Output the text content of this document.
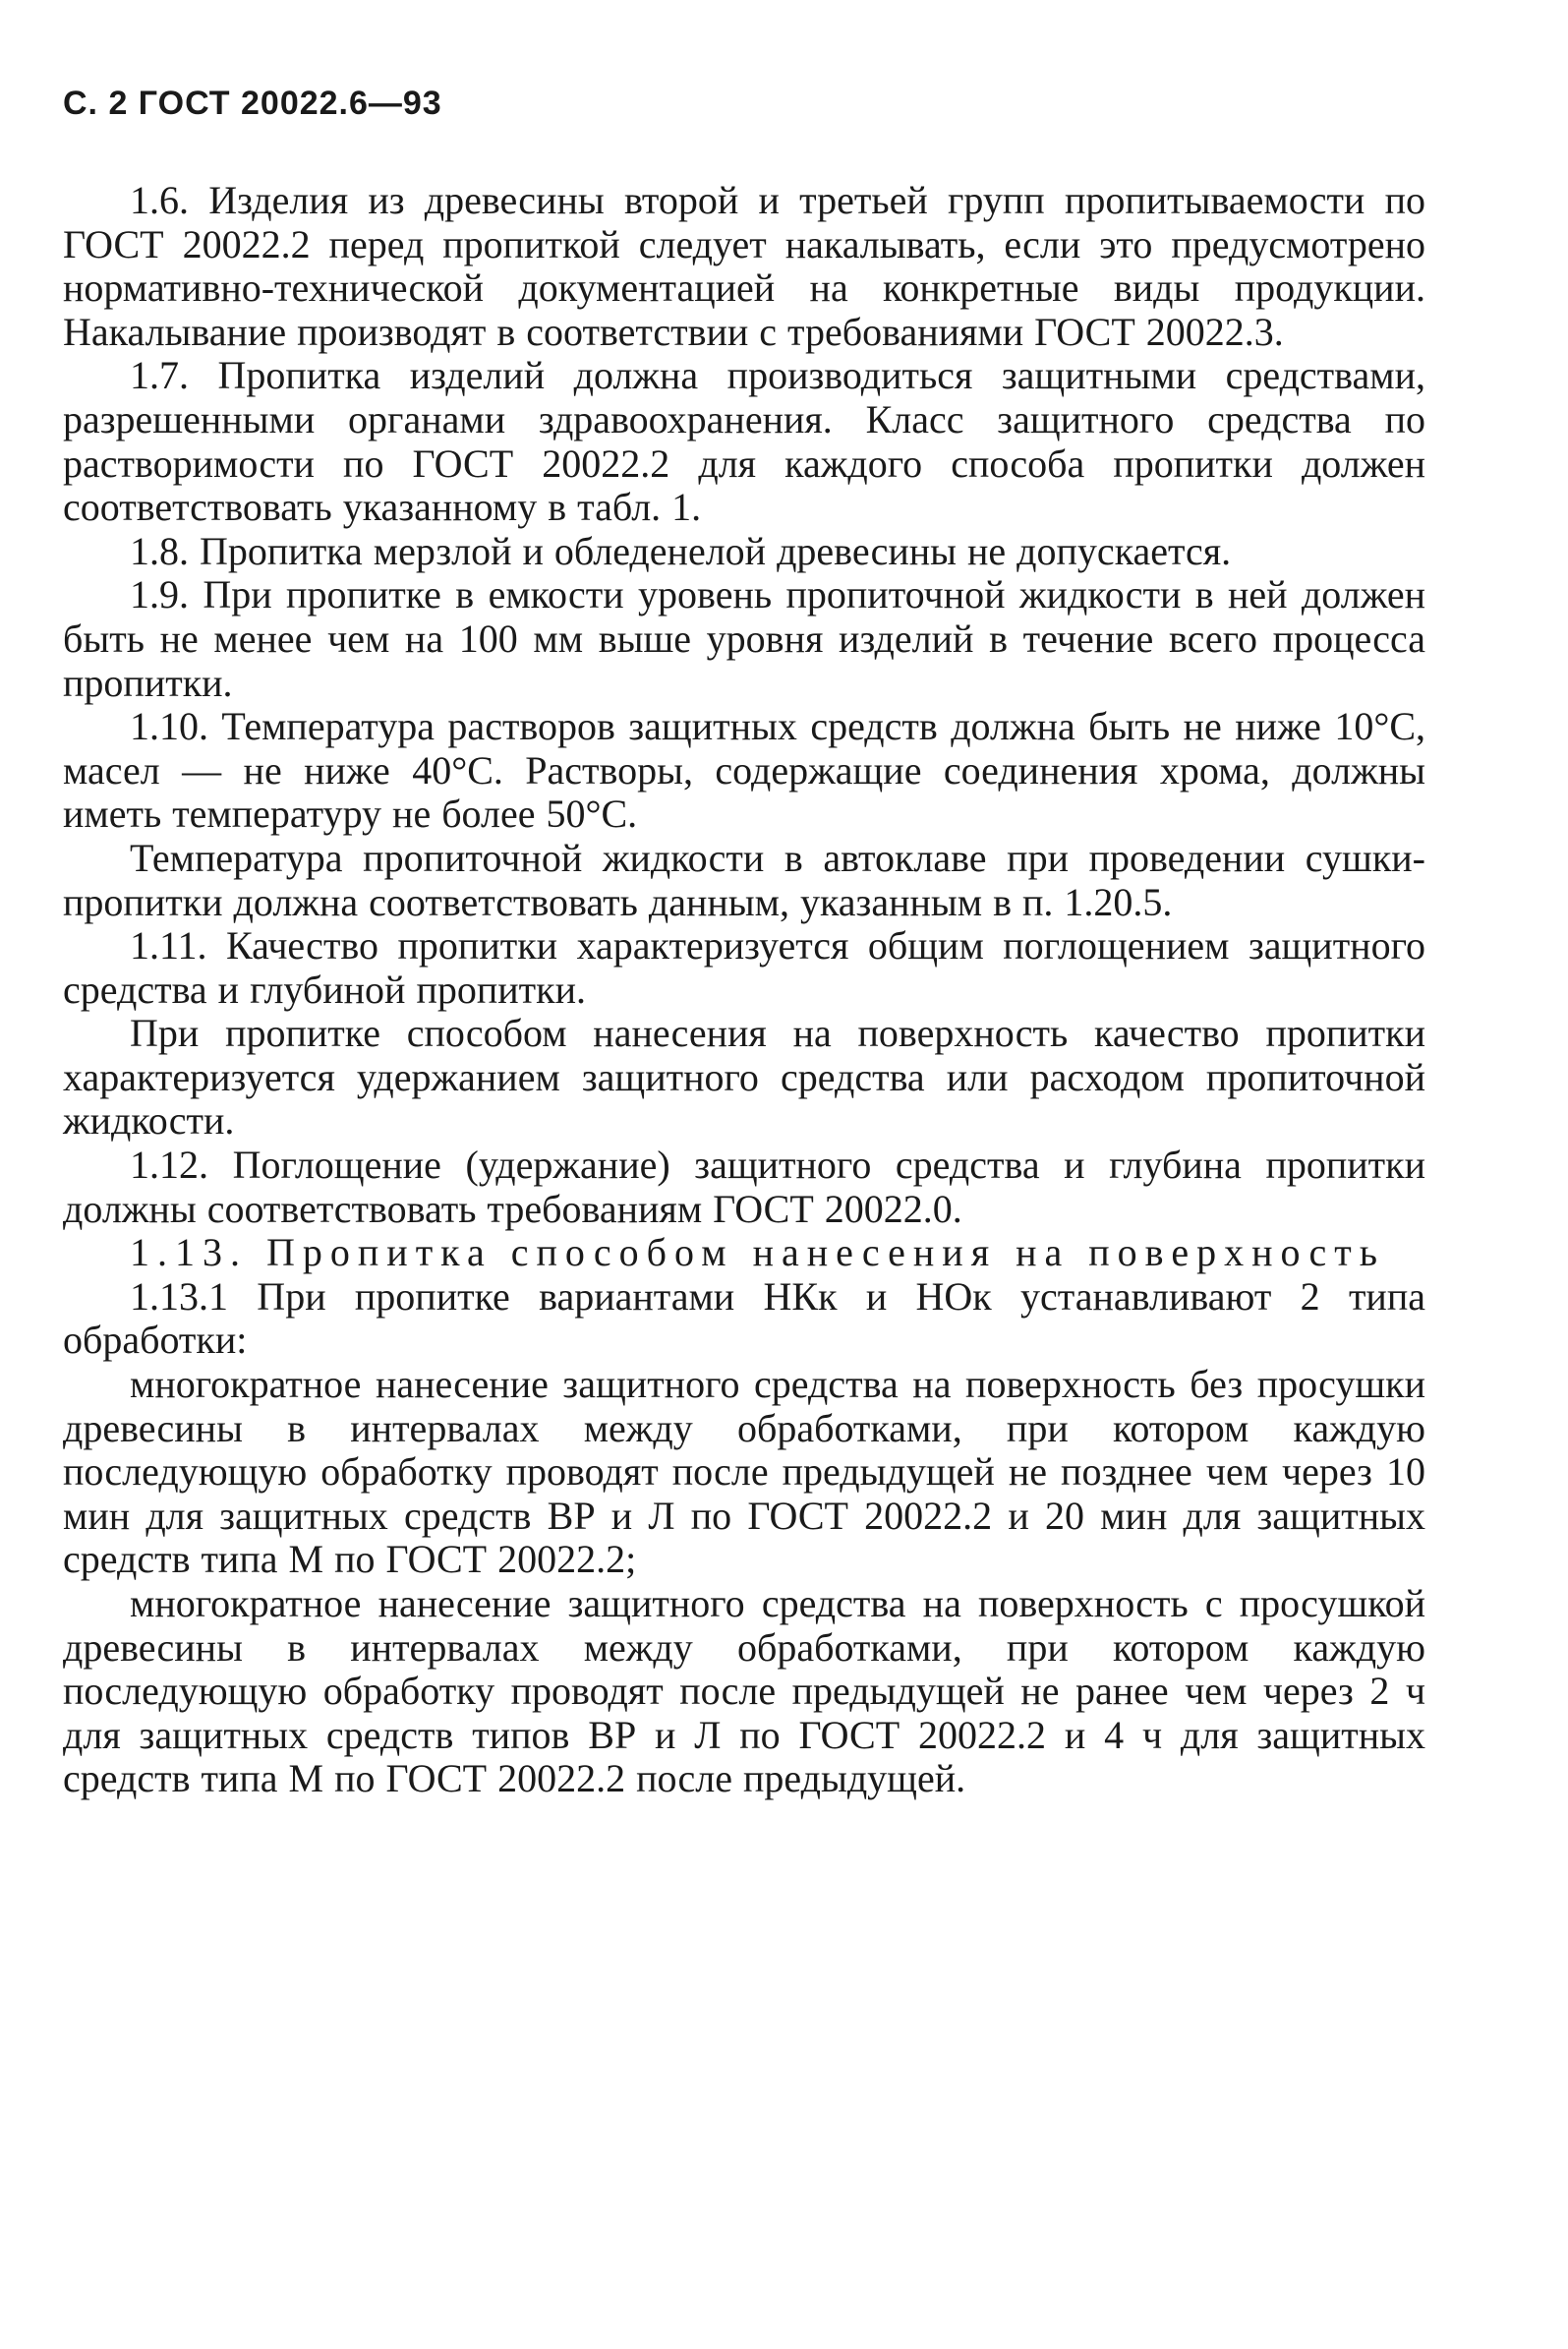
С. 2 ГОСТ 20022.6—93

1.6. Изделия из древесины второй и третьей групп пропитываемости по ГОСТ 20022.2 перед пропиткой следует накалывать, если это предусмотрено нормативно-технической документацией на конкретные виды продукции. Накалывание производят в соответствии с требованиями ГОСТ 20022.3.

1.7. Пропитка изделий должна производиться защитными средствами, разрешенными органами здравоохранения. Класс защитного средства по растворимости по ГОСТ 20022.2 для каждого способа пропитки должен соответствовать указанному в табл. 1.

1.8. Пропитка мерзлой и обледенелой древесины не допускается.

1.9. При пропитке в емкости уровень пропиточной жидкости в ней должен быть не менее чем на 100 мм выше уровня изделий в течение всего процесса пропитки.

1.10. Температура растворов защитных средств должна быть не ниже 10°С, масел — не ниже 40°С. Растворы, содержащие соединения хрома, должны иметь температуру не более 50°С.

Температура пропиточной жидкости в автоклаве при проведении сушки-пропитки должна соответствовать данным, указанным в п. 1.20.5.

1.11. Качество пропитки характеризуется общим поглощением защитного средства и глубиной пропитки.

При пропитке способом нанесения на поверхность качество пропитки характеризуется удержанием защитного средства или расходом пропиточной жидкости.

1.12. Поглощение (удержание) защитного средства и глубина пропитки должны соответствовать требованиям ГОСТ 20022.0.

1.13. Пропитка способом нанесения на поверхность

1.13.1 При пропитке вариантами НКк и НОк устанавливают 2 типа обработки:

многократное нанесение защитного средства на поверхность без просушки древесины в интервалах между обработками, при котором каждую последующую обработку проводят после предыдущей не позднее чем через 10 мин для защитных средств ВР и Л по ГОСТ 20022.2 и 20 мин для защитных средств типа М по ГОСТ 20022.2;

многократное нанесение защитного средства на поверхность с просушкой древесины в интервалах между обработками, при котором каждую последующую обработку проводят после предыдущей не ранее чем через 2 ч для защитных средств типов ВР и Л по ГОСТ 20022.2 и 4 ч для защитных средств типа М по ГОСТ 20022.2 после предыдущей.
